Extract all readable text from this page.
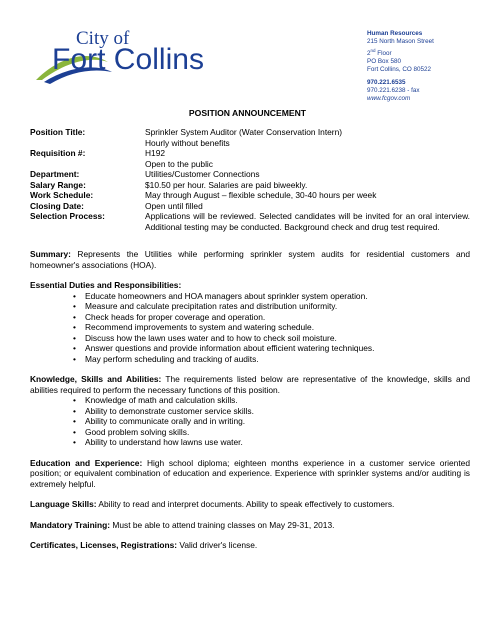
City of
Fort Collins
Human Resources
215 North Mason Street
2nd Floor
PO Box 580
Fort Collins, CO 80522
970.221.6535
970.221.6238 - fax
www.fcgov.com
POSITION ANNOUNCEMENT
Position Title:	Sprinkler System Auditor (Water Conservation Intern)
Hourly without benefits
Requisition #:	H192
Open to the public
Department:	Utilities/Customer Connections
Salary Range:	$10.50 per hour. Salaries are paid biweekly.
Work Schedule:	May through August – flexible schedule, 30-40 hours per week
Closing Date:	Open until filled
Selection Process:	Applications will be reviewed. Selected candidates will be invited for an oral interview. Additional testing may be conducted. Background check and drug test required.
Summary: Represents the Utilities while performing sprinkler system audits for residential customers and homeowner's associations (HOA).
Essential Duties and Responsibilities:
• Educate homeowners and HOA managers about sprinkler system operation.
• Measure and calculate precipitation rates and distribution uniformity.
• Check heads for proper coverage and operation.
• Recommend improvements to system and watering schedule.
• Discuss how the lawn uses water and to how to check soil moisture.
• Answer questions and provide information about efficient watering techniques.
• May perform scheduling and tracking of audits.
Knowledge, Skills and Abilities: The requirements listed below are representative of the knowledge, skills and abilities required to perform the necessary functions of this position.
• Knowledge of math and calculation skills.
• Ability to demonstrate customer service skills.
• Ability to communicate orally and in writing.
• Good problem solving skills.
• Ability to understand how lawns use water.
Education and Experience: High school diploma; eighteen months experience in a customer service oriented position; or equivalent combination of education and experience. Experience with sprinkler systems and/or auditing is extremely helpful.
Language Skills: Ability to read and interpret documents. Ability to speak effectively to customers.
Mandatory Training: Must be able to attend training classes on May 29-31, 2013.
Certificates, Licenses, Registrations: Valid driver's license.
